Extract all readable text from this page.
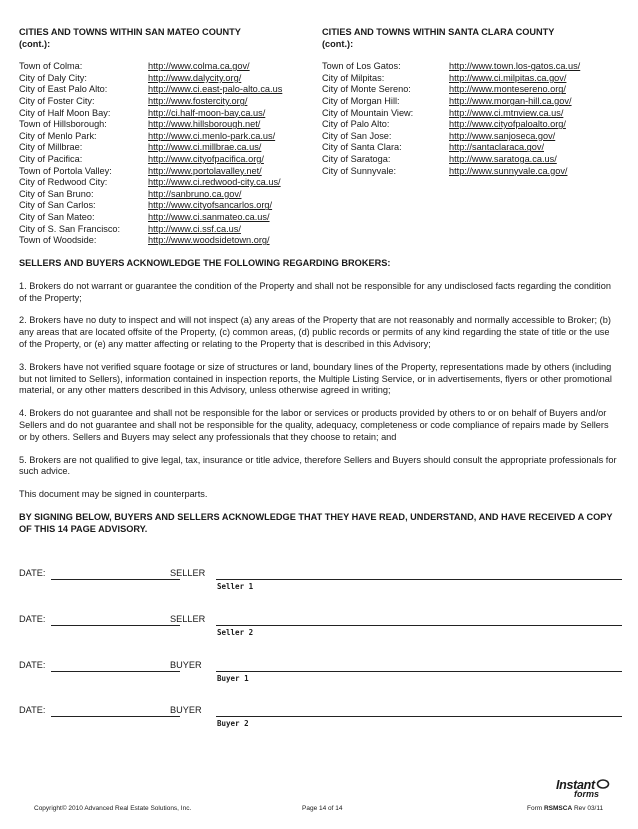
CITIES AND TOWNS WITHIN SAN MATEO COUNTY
(cont.):
Town of Colma:	http://www.colma.ca.gov/
City of Daly City:	http://www.dalycity.org/
City of East Palo Alto:	http://www.ci.east-palo-alto.ca.us
City of Foster City:	http://www.fostercity.org/
City of Half Moon Bay:	http://ci.half-moon-bay.ca.us/
Town of Hillsborough:	http://www.hillsborough.net/
City of Menlo Park:	http://www.ci.menlo-park.ca.us/
City of Millbrae:	http://www.ci.millbrae.ca.us/
City of Pacifica:	http://www.cityofpacifica.org/
Town of Portola Valley:	http://www.portolavalley.net/
City of Redwood City:	http://www.ci.redwood-city.ca.us/
City of San Bruno:	http://sanbruno.ca.gov/
City of San Carlos:	http://www.cityofsancarlos.org/
City of San Mateo:	http://www.ci.sanmateo.ca.us/
City of S. San Francisco:	http://www.ci.ssf.ca.us/
Town of Woodside:	http://www.woodsidetown.org/
CITIES AND TOWNS WITHIN SANTA CLARA COUNTY
(cont.):
Town of Los Gatos:	http://www.town.los-gatos.ca.us/
City of Milpitas:	http://www.ci.milpitas.ca.gov/
City of Monte Sereno:	http://www.montesereno.org/
City of Morgan Hill:	http://www.morgan-hill.ca.gov/
City of Mountain View:	http://www.ci.mtnview.ca.us/
City of Palo Alto:	http://www.cityofpaloalto.org/
City of San Jose:	http://www.sanjoseca.gov/
City of Santa Clara:	http://santaclaraca.gov/
City of Saratoga:	http://www.saratoga.ca.us/
City of Sunnyvale:	http://www.sunnyvale.ca.gov/

SELLERS AND BUYERS ACKNOWLEDGE THE FOLLOWING REGARDING BROKERS:

1. Brokers do not warrant or guarantee the condition of the Property and shall not be responsible for any undisclosed facts regarding the condition of the Property;

2. Brokers have no duty to inspect and will not inspect (a) any areas of the Property that are not reasonably and normally accessible to Broker; (b) any areas that are located offsite of the Property, (c) common areas, (d) public records or permits of any kind regarding the state of title or the use of the Property, or (e) any matter affecting or relating to the Property that is described in this Advisory;

3. Brokers have not verified square footage or size of structures or land, boundary lines of the Property, representations made by others (including but not limited to Sellers), information contained in inspection reports, the Multiple Listing Service, or in advertisements, flyers or other promotional material, or any other matters described in this Advisory, unless otherwise agreed in writing;

4. Brokers do not guarantee and shall not be responsible for the labor or services or products provided by others to or on behalf of Buyers and/or Sellers and do not guarantee and shall not be responsible for the quality, adequacy, completeness or code compliance of repairs made by Sellers or by others. Sellers and Buyers may select any professionals that they choose to retain; and

5. Brokers are not qualified to give legal, tax, insurance or title advice, therefore Sellers and Buyers should consult the appropriate professionals for such advice.

This document may be signed in counterparts.

BY SIGNING BELOW, BUYERS AND SELLERS ACKNOWLEDGE THAT THEY HAVE READ, UNDERSTAND, AND HAVE RECEIVED A COPY OF THIS 14 PAGE ADVISORY.

DATE:	SELLER
Seller 1
DATE:	SELLER
Seller 2
DATE:	BUYER
Buyer 1
DATE:	BUYER
Buyer 2
Instant
forms
Copyright© 2010 Advanced Real Estate Solutions, Inc.	Page 14 of 14	Form RSMSCA Rev 03/11
